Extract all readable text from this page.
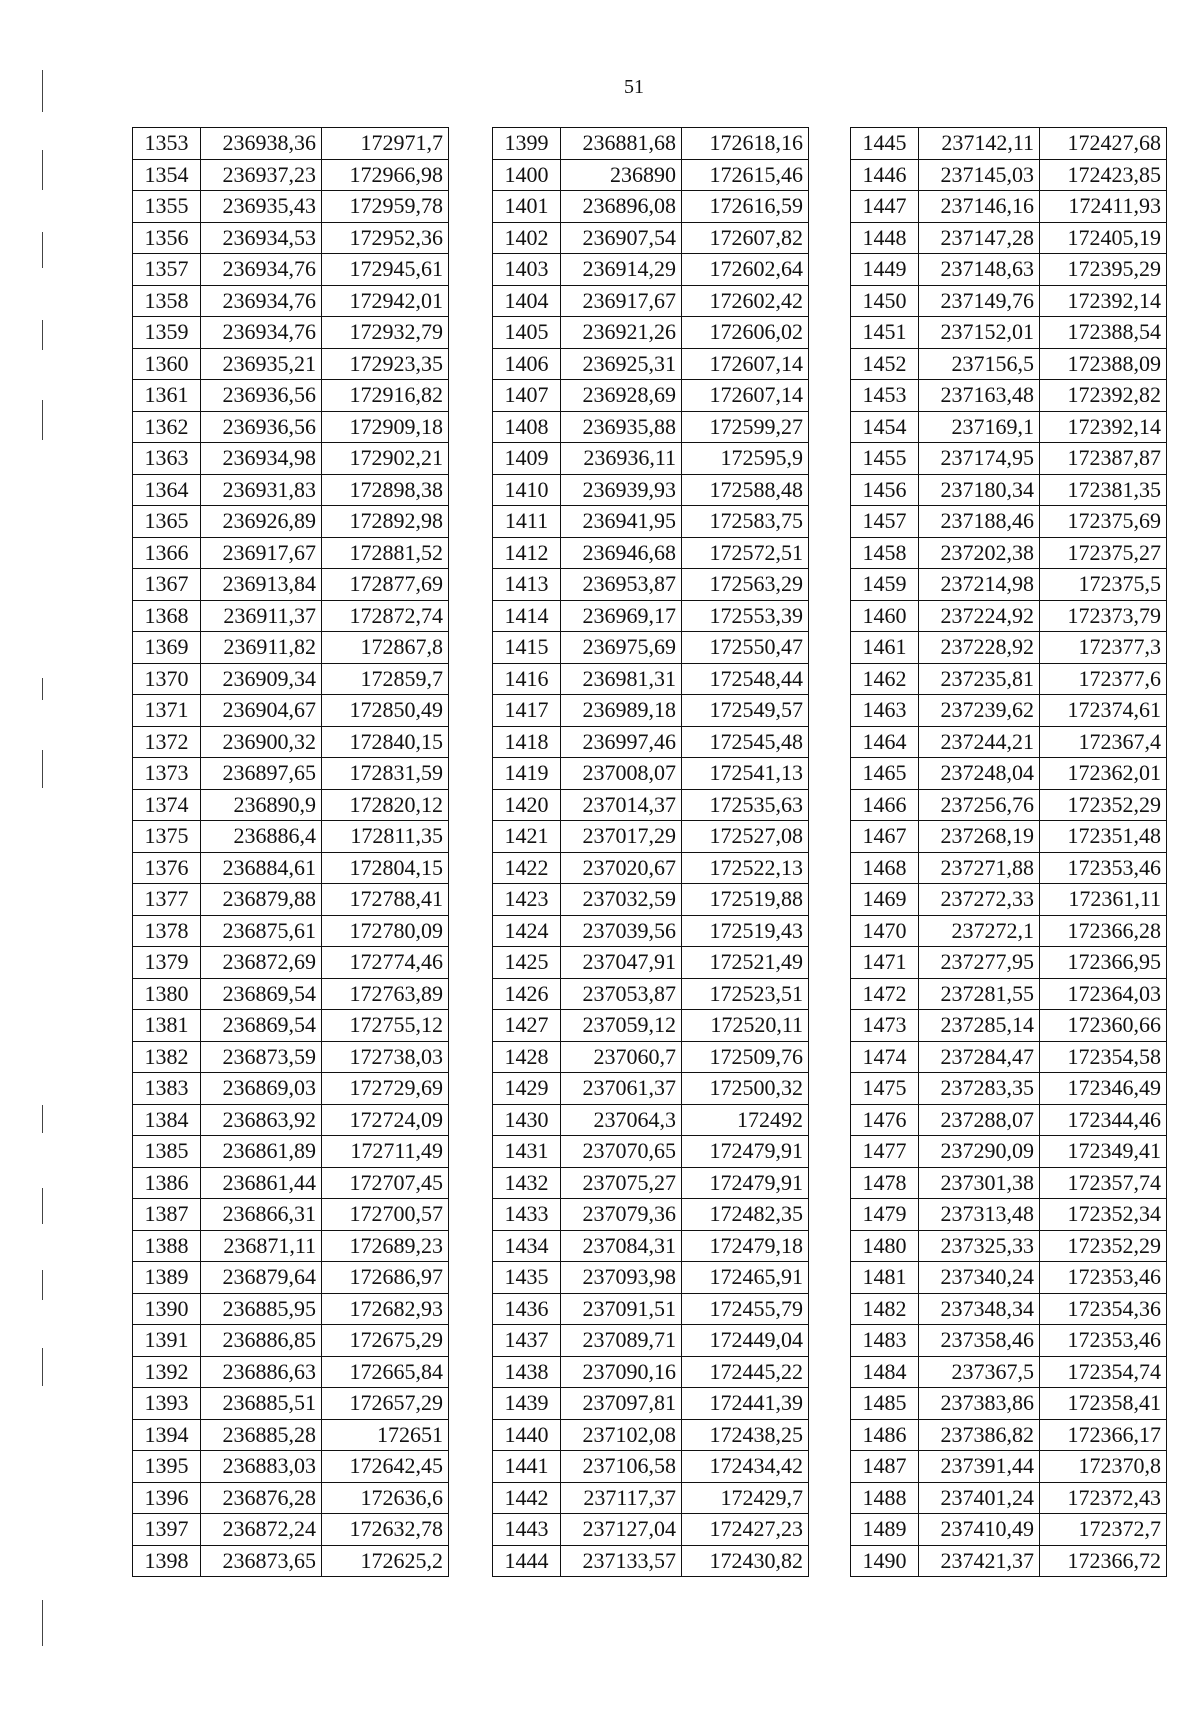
51
1353	236938,36	172971,7
1354	236937,23	172966,98
1355	236935,43	172959,78
1356	236934,53	172952,36
1357	236934,76	172945,61
1358	236934,76	172942,01
1359	236934,76	172932,79
1360	236935,21	172923,35
1361	236936,56	172916,82
1362	236936,56	172909,18
1363	236934,98	172902,21
1364	236931,83	172898,38
1365	236926,89	172892,98
1366	236917,67	172881,52
1367	236913,84	172877,69
1368	236911,37	172872,74
1369	236911,82	172867,8
1370	236909,34	172859,7
1371	236904,67	172850,49
1372	236900,32	172840,15
1373	236897,65	172831,59
1374	236890,9	172820,12
1375	236886,4	172811,35
1376	236884,61	172804,15
1377	236879,88	172788,41
1378	236875,61	172780,09
1379	236872,69	172774,46
1380	236869,54	172763,89
1381	236869,54	172755,12
1382	236873,59	172738,03
1383	236869,03	172729,69
1384	236863,92	172724,09
1385	236861,89	172711,49
1386	236861,44	172707,45
1387	236866,31	172700,57
1388	236871,11	172689,23
1389	236879,64	172686,97
1390	236885,95	172682,93
1391	236886,85	172675,29
1392	236886,63	172665,84
1393	236885,51	172657,29
1394	236885,28	172651
1395	236883,03	172642,45
1396	236876,28	172636,6
1397	236872,24	172632,78
1398	236873,65	172625,2
1399	236881,68	172618,16
1400	236890	172615,46
1401	236896,08	172616,59
1402	236907,54	172607,82
1403	236914,29	172602,64
1404	236917,67	172602,42
1405	236921,26	172606,02
1406	236925,31	172607,14
1407	236928,69	172607,14
1408	236935,88	172599,27
1409	236936,11	172595,9
1410	236939,93	172588,48
1411	236941,95	172583,75
1412	236946,68	172572,51
1413	236953,87	172563,29
1414	236969,17	172553,39
1415	236975,69	172550,47
1416	236981,31	172548,44
1417	236989,18	172549,57
1418	236997,46	172545,48
1419	237008,07	172541,13
1420	237014,37	172535,63
1421	237017,29	172527,08
1422	237020,67	172522,13
1423	237032,59	172519,88
1424	237039,56	172519,43
1425	237047,91	172521,49
1426	237053,87	172523,51
1427	237059,12	172520,11
1428	237060,7	172509,76
1429	237061,37	172500,32
1430	237064,3	172492
1431	237070,65	172479,91
1432	237075,27	172479,91
1433	237079,36	172482,35
1434	237084,31	172479,18
1435	237093,98	172465,91
1436	237091,51	172455,79
1437	237089,71	172449,04
1438	237090,16	172445,22
1439	237097,81	172441,39
1440	237102,08	172438,25
1441	237106,58	172434,42
1442	237117,37	172429,7
1443	237127,04	172427,23
1444	237133,57	172430,82
1445	237142,11	172427,68
1446	237145,03	172423,85
1447	237146,16	172411,93
1448	237147,28	172405,19
1449	237148,63	172395,29
1450	237149,76	172392,14
1451	237152,01	172388,54
1452	237156,5	172388,09
1453	237163,48	172392,82
1454	237169,1	172392,14
1455	237174,95	172387,87
1456	237180,34	172381,35
1457	237188,46	172375,69
1458	237202,38	172375,27
1459	237214,98	172375,5
1460	237224,92	172373,79
1461	237228,92	172377,3
1462	237235,81	172377,6
1463	237239,62	172374,61
1464	237244,21	172367,4
1465	237248,04	172362,01
1466	237256,76	172352,29
1467	237268,19	172351,48
1468	237271,88	172353,46
1469	237272,33	172361,11
1470	237272,1	172366,28
1471	237277,95	172366,95
1472	237281,55	172364,03
1473	237285,14	172360,66
1474	237284,47	172354,58
1475	237283,35	172346,49
1476	237288,07	172344,46
1477	237290,09	172349,41
1478	237301,38	172357,74
1479	237313,48	172352,34
1480	237325,33	172352,29
1481	237340,24	172353,46
1482	237348,34	172354,36
1483	237358,46	172353,46
1484	237367,5	172354,74
1485	237383,86	172358,41
1486	237386,82	172366,17
1487	237391,44	172370,8
1488	237401,24	172372,43
1489	237410,49	172372,7
1490	237421,37	172366,72
